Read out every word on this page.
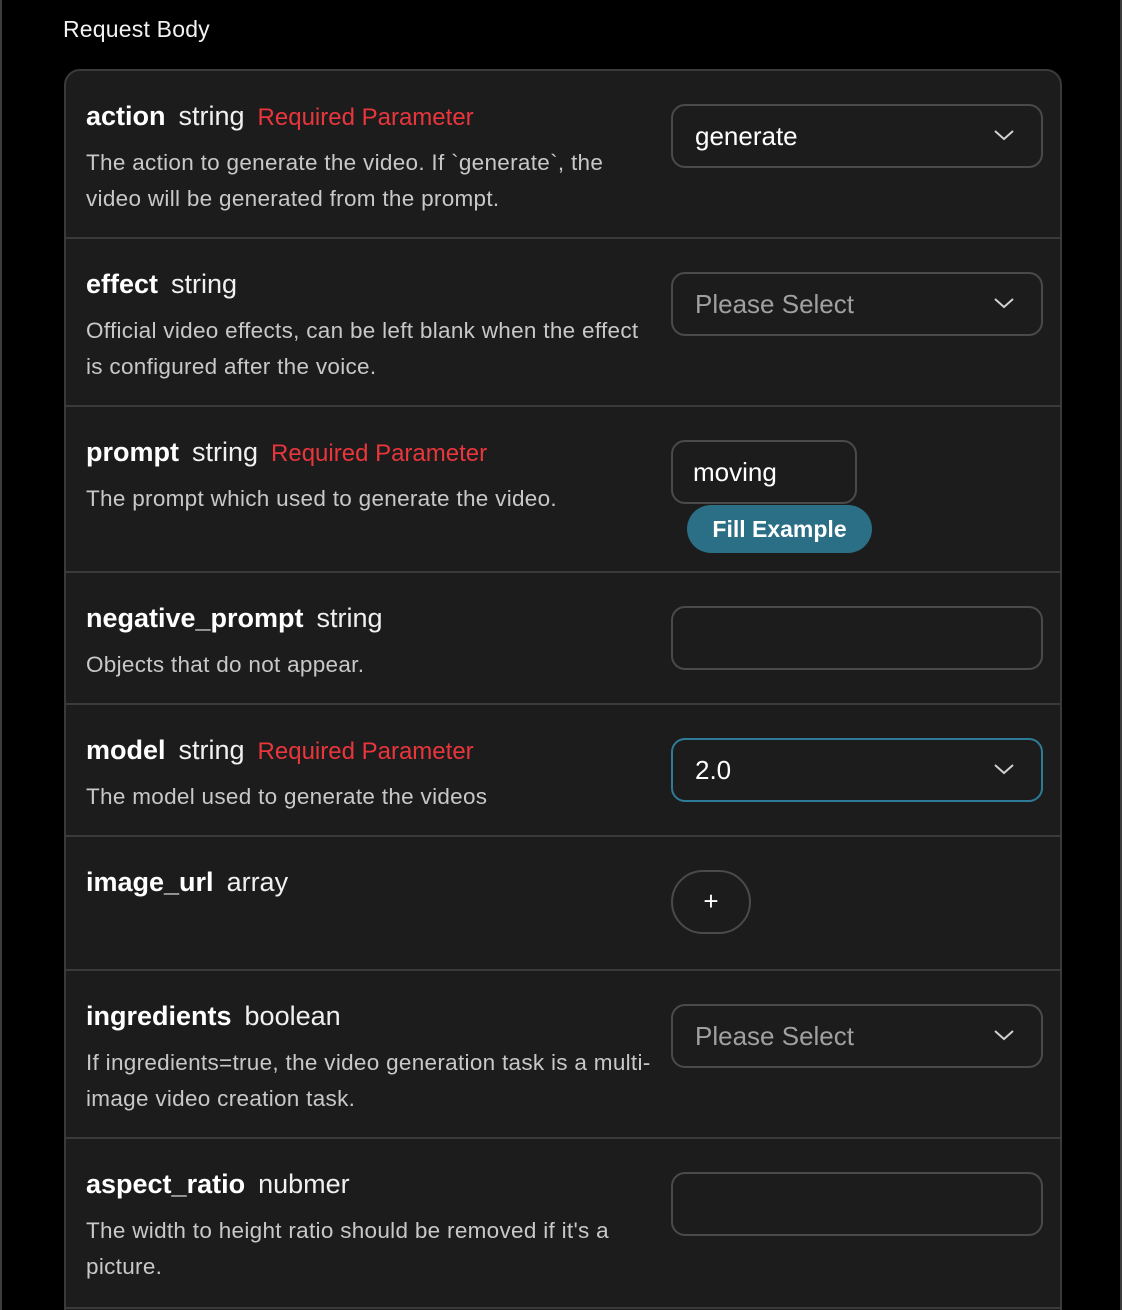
Request Body
action string Required Parameter
The action to generate the video. If `generate`, the video will be generated from the prompt.
generate
effect string
Official video effects, can be left blank when the effect is configured after the voice.
Please Select
prompt string Required Parameter
The prompt which used to generate the video.
moving
Fill Example
negative_prompt string
Objects that do not appear.
model string Required Parameter
The model used to generate the videos
2.0
image_url array
+
ingredients boolean
If ingredients=true, the video generation task is a multi-image video creation task.
Please Select
aspect_ratio nubmer
The width to height ratio should be removed if it's a picture.
